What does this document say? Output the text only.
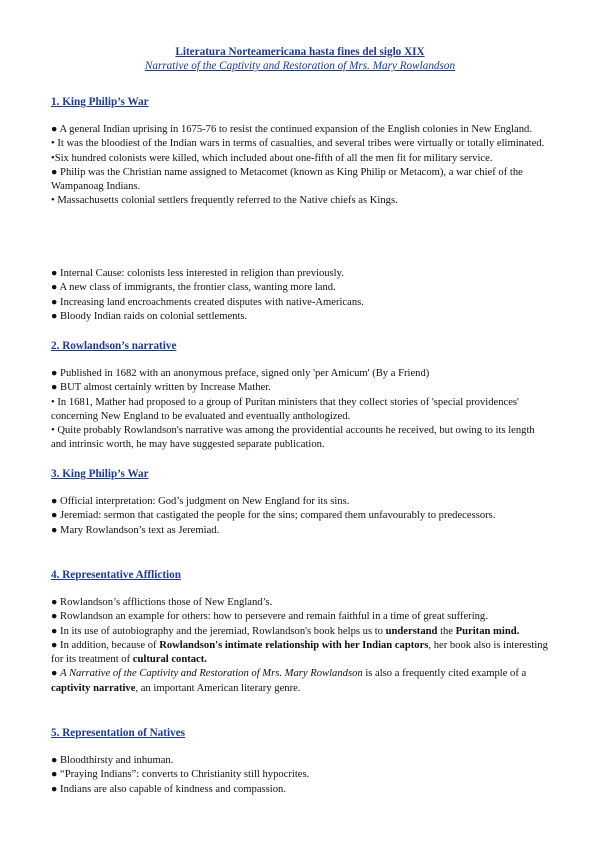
Literatura Norteamericana hasta fines del siglo XIX
Narrative of the Captivity and Restoration of Mrs. Mary Rowlandson
1. King Philip’s War

● A general Indian uprising in 1675-76 to resist the continued expansion of the English colonies in New England.

• It was the bloodiest of the Indian wars in terms of casualties, and several tribes were virtually or totally eliminated.

•Six hundred colonists were killed, which included about one-fifth of all the men fit for military service.

● Philip was the Christian name assigned to Metacomet (known as King Philip or Metacom), a war chief of the Wampanoag Indians.

• Massachusetts colonial settlers frequently referred to the Native chiefs as Kings.

● Internal Cause: colonists less interested in religion than previously.

● A new class of immigrants, the frontier class, wanting more land.

● Increasing land encroachments created disputes with native-Americans.

● Bloody Indian raids on colonial settlements.

2. Rowlandson’s narrative

● Published in 1682 with an anonymous preface, signed only 'per Amicum' (By a Friend)

● BUT almost certainly written by Increase Mather.

• In 1681, Mather had proposed to a group of Puritan ministers that they collect stories of 'special providences' concerning New England to be evaluated and eventually anthologized.

• Quite probably Rowlandson's narrative was among the providential accounts he received, but owing to its length and intrinsic worth, he may have suggested separate publication.

3. King Philip’s War

● Official interpretation: God’s judgment on New England for its sins.

● Jeremiad: sermon that castigated the people for the sins; compared them unfavourably to predecessors.

● Mary Rowlandson’s text as Jeremiad.

4. Representative Affliction

● Rowlandson’s afflictions those of New England’s.

● Rowlandson an example for others: how to persevere and remain faithful in a time of great suffering.

● In its use of autobiography and the jeremiad, Rowlandson's book helps us to understand the Puritan mind.

● In addition, because of Rowlandson's intimate relationship with her Indian captors, her book also is interesting for its treatment of cultural contact.

● A Narrative of the Captivity and Restoration of Mrs. Mary Rowlandson is also a frequently cited example of a captivity narrative, an important American literary genre.

5. Representation of Natives

● Bloodthirsty and inhuman.

● “Praying Indians”: converts to Christianity still hypocrites.

● Indians are also capable of kindness and compassion.
